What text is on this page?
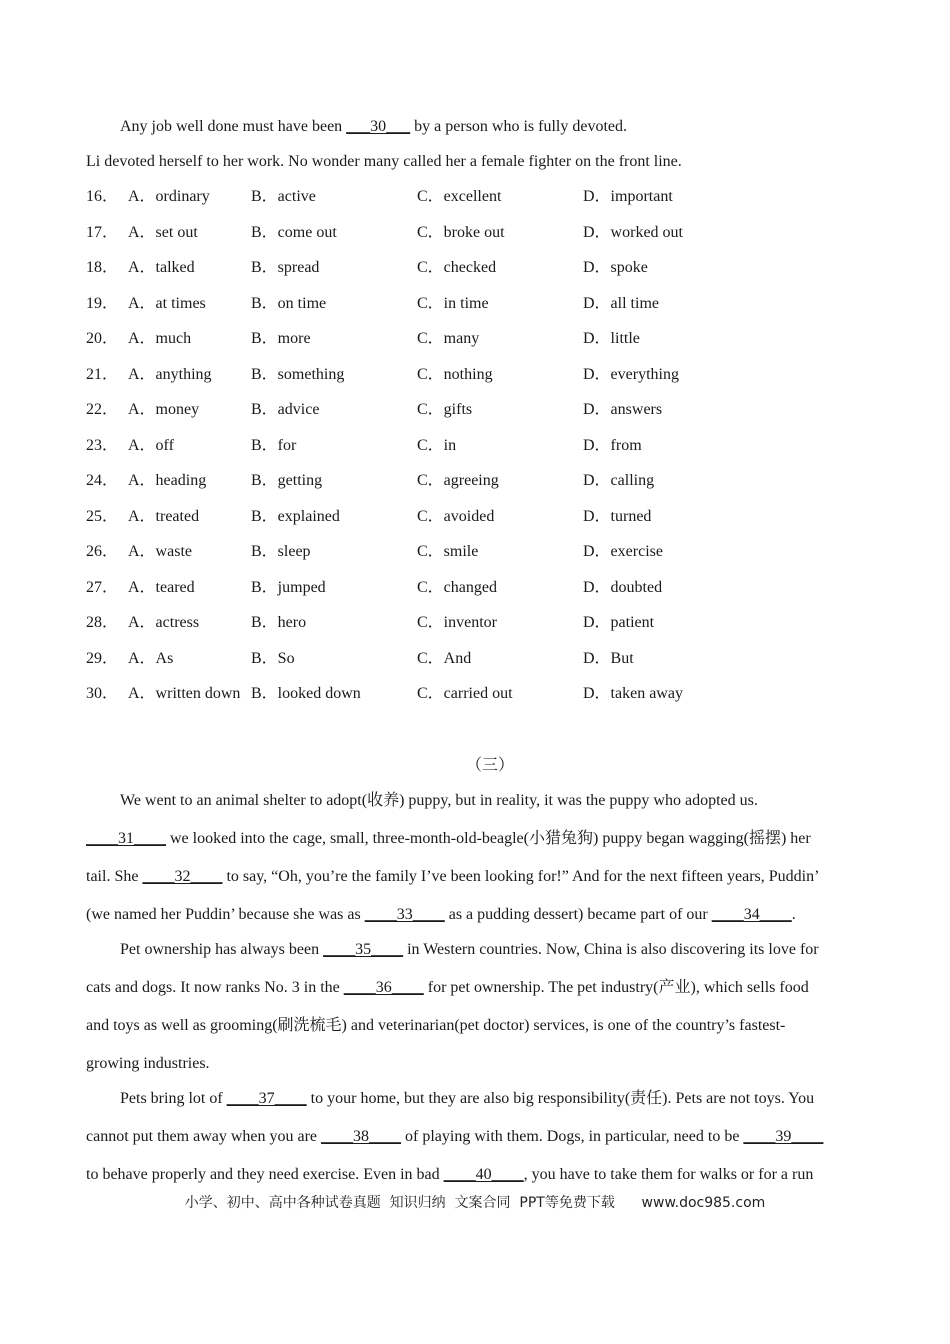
Any job well done must have been ___30___ by a person who is fully devoted.
Li devoted herself to her work. No wonder many called her a female fighter on the front line.
16． A．ordinary	B．active	C．excellent	D．important
17． A．set out	B．come out	C．broke out	D．worked out
18． A．talked	B．spread	C．checked	D．spoke
19． A．at times	B．on time	C．in time	D．all time
20． A．much	B．more	C．many	D．little
21． A．anything B．something	C．nothing	D．everything
22． A．money	B．advice	C．gifts	D．answers
23． A．off	B．for	C．in	D．from
24． A．heading	B．getting	C．agreeing	D．calling
25． A．treated	B．explained	C．avoided	D．turned
26． A．waste	B．sleep	C．smile	D．exercise
27． A．teared	B．jumped	C．changed	D．doubted
28． A．actress	B．hero	C．inventor	D．patient
29． A．As	B．So	C．And	D．But
30． A．written down B．looked down	C．carried out	D．taken away
（三）
We went to an animal shelter to adopt(收养) puppy, but in reality, it was the puppy who adopted us.
____31____ we looked into the cage, small, three-month-old-beagle(小猎兔狗) puppy began wagging(摇摆) her
tail. She ____32____ to say, “Oh, you’re the family I’ve been looking for!” And for the next fifteen years, Puddin’
(we named her Puddin’ because she was as ____33____ as a pudding dessert) became part of our ____34____.
Pet ownership has always been ____35____ in Western countries. Now, China is also discovering its love for
cats and dogs. It now ranks No. 3 in the ____36____ for pet ownership. The pet industry(产业), which sells food
and toys as well as grooming(刷洗梳毛) and veterinarian(pet doctor) services, is one of the country’s fastest-
growing industries.
Pets bring lot of ____37____ to your home, but they are also big responsibility(责任). Pets are not toys. You
cannot put them away when you are ____38____ of playing with them. Dogs, in particular, need to be ____39____
to behave properly and they need exercise. Even in bad ____40____, you have to take them for walks or for a run
小学、初中、高中各种试卷真题  知识归纳  文案合同  PPT等免费下载 www.doc985.com
